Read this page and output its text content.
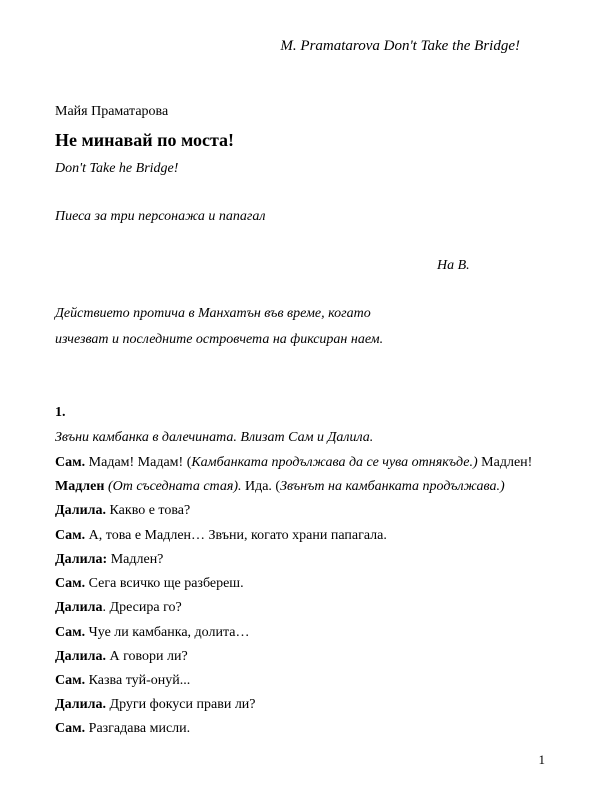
M. Pramatarova Don't Take the Bridge!
Майя Праматарова
Не минавай по моста!
Don't Take he Bridge!
Пиеса за три персонажа и папагал
На В.
Действието протича в Манхатън във време, когато
изчезват и последните островчета на фиксиран наем.
1.
Звъни камбанка в далечината. Влизат Сам и Далила.
Сам. Мадам! Мадам! (Камбанката продължава да се чува отнякъде.) Мадлен!
Мадлен (От съседната стая). Ида. (Звънът на камбанката продължава.)
Далила. Какво е това?
Сам. А, това е Мадлен… Звъни, когато храни папагала.
Далила: Мадлен?
Сам. Сега всичко ще разбереш.
Далила. Дресира го?
Сам. Чуе ли камбанка, долита…
Далила. А говори ли?
Сам. Казва туй-онуй...
Далила. Други фокуси прави ли?
Сам. Разгадава мисли.
1
